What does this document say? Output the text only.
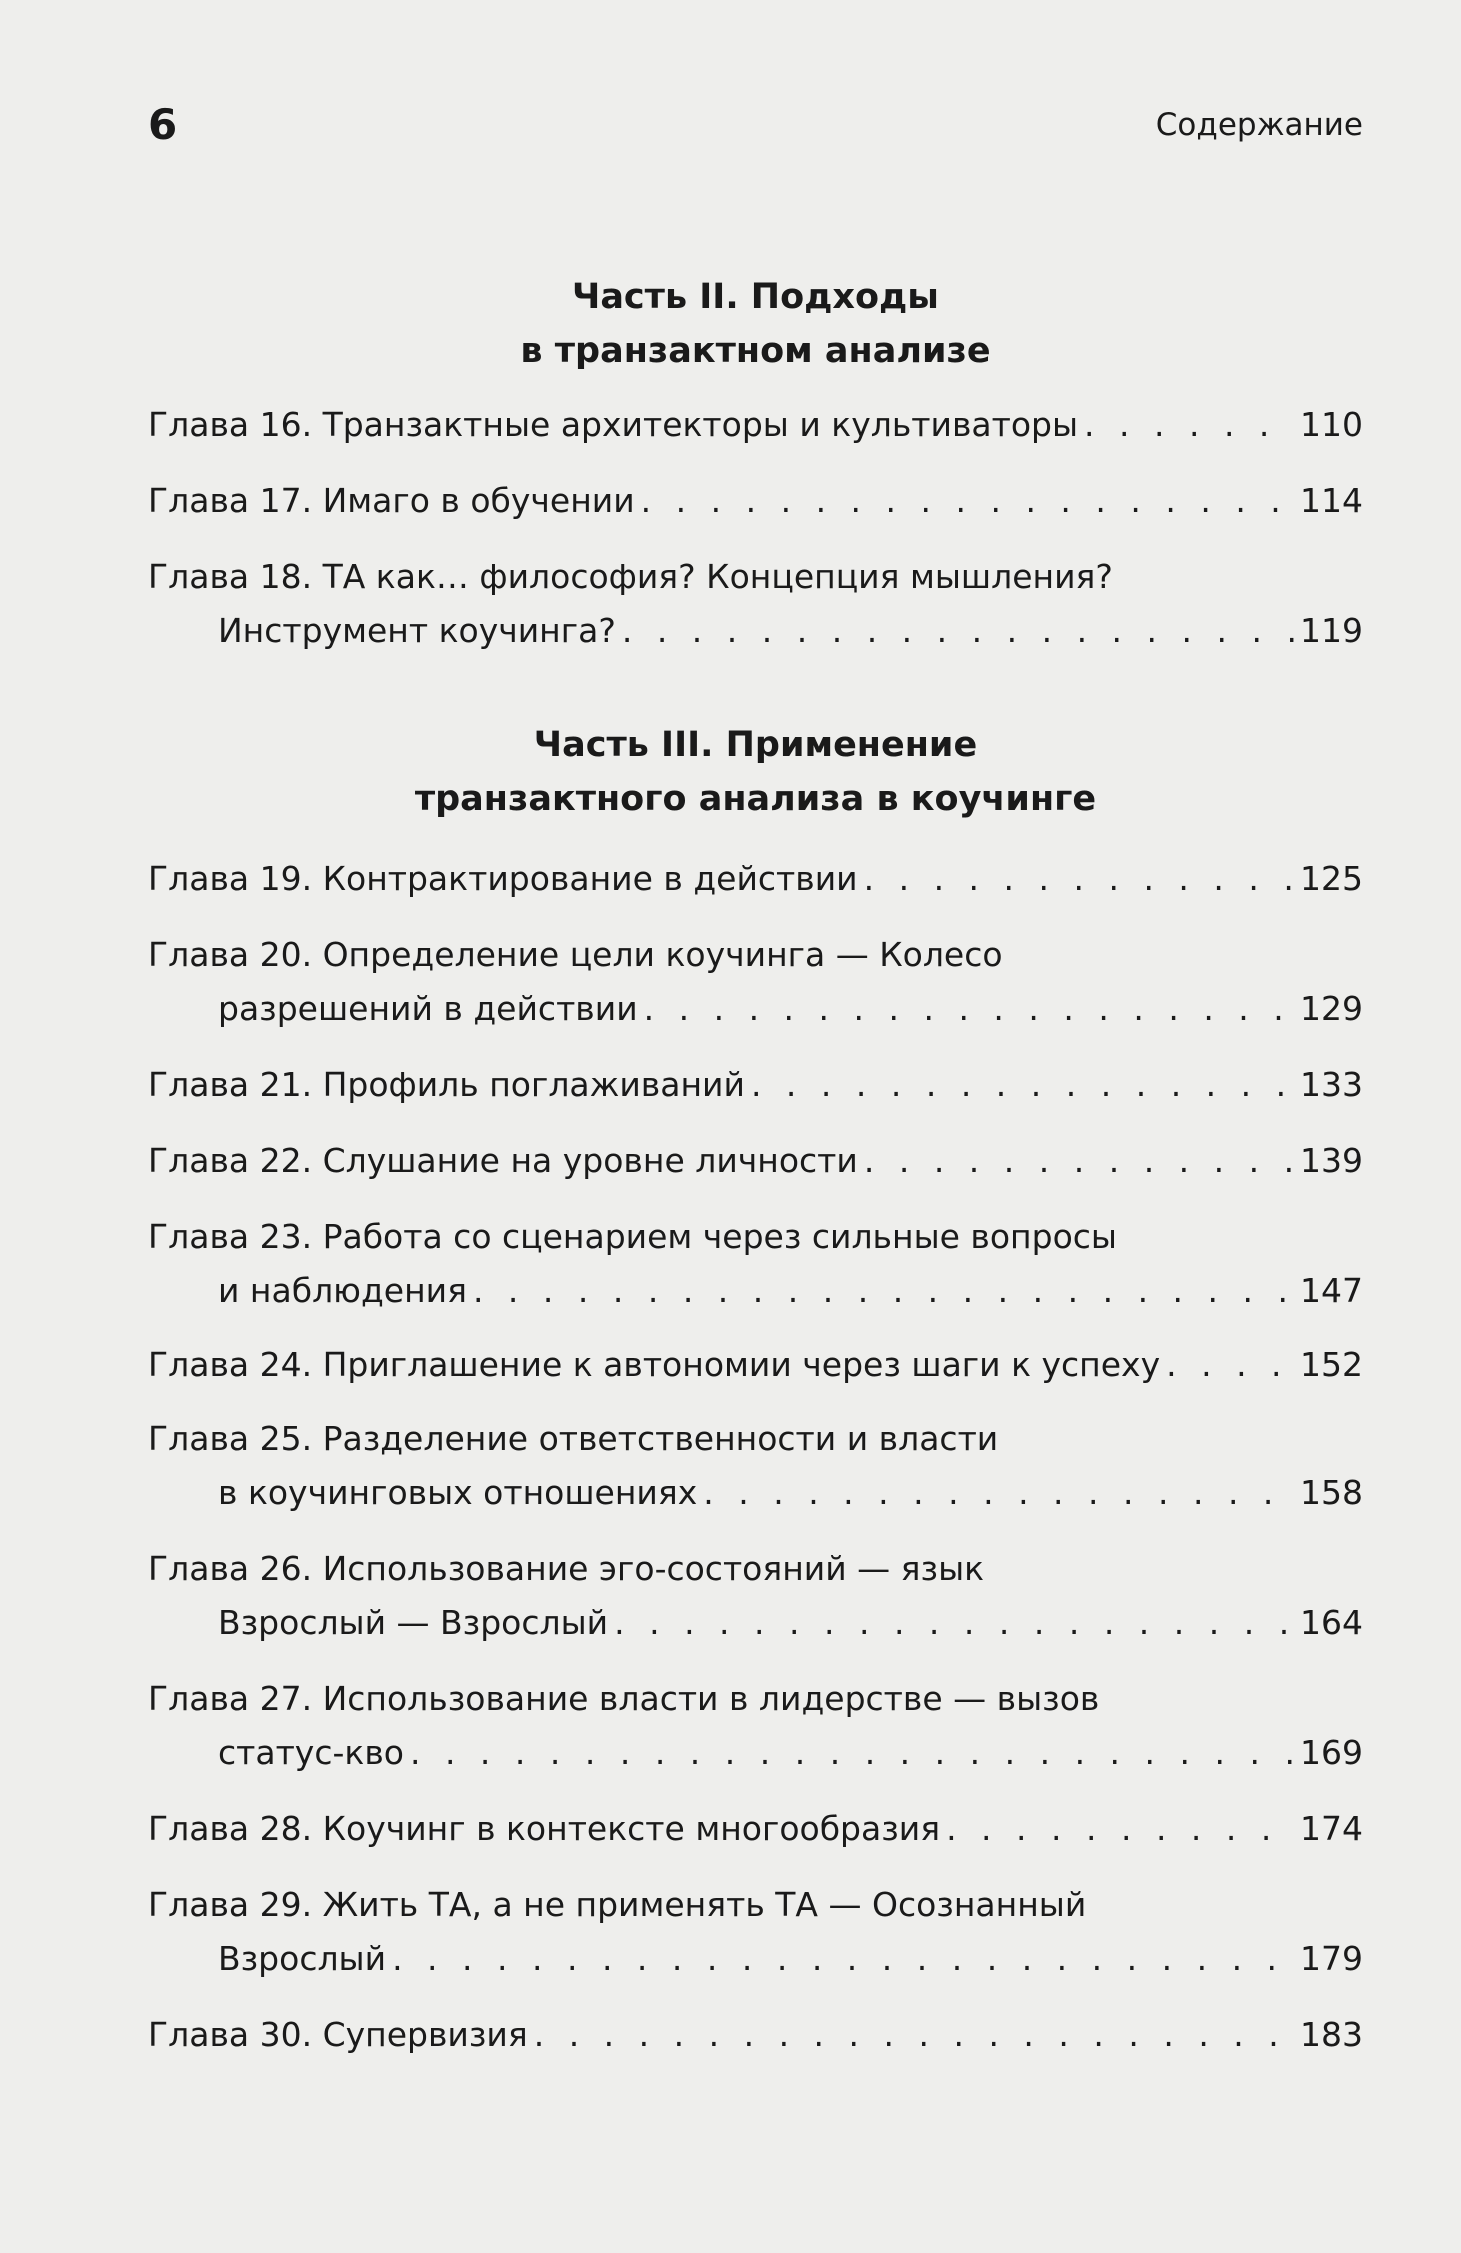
6	Содержание
Часть II. Подходы
в транзактном анализе
Глава 16. Транзактные архитекторы и культиваторы . . .	110
Глава 17. Имаго в обучении . . .	114
Глава 18. ТА как… философия? Концепция мышления?
Инструмент коучинга? . . .	119
Часть III. Применение
транзактного анализа в коучинге
Глава 19. Контрактирование в действии . . .	125
Глава 20. Определение цели коучинга — Колесо
разрешений в действии . . .	129
Глава 21. Профиль поглаживаний . . .	133
Глава 22. Слушание на уровне личности . . .	139
Глава 23. Работа со сценарием через сильные вопросы
и наблюдения . . .	147
Глава 24. Приглашение к автономии через шаги к успеху . . .	152
Глава 25. Разделение ответственности и власти
в коучинговых отношениях . . .	158
Глава 26. Использование эго-состояний — язык
Взрослый — Взрослый . . .	164
Глава 27. Использование власти в лидерстве — вызов
статус-кво . . .	169
Глава 28. Коучинг в контексте многообразия . . .	174
Глава 29. Жить ТА, а не применять ТА — Осознанный
Взрослый . . .	179
Глава 30. Супервизия . . .	183
